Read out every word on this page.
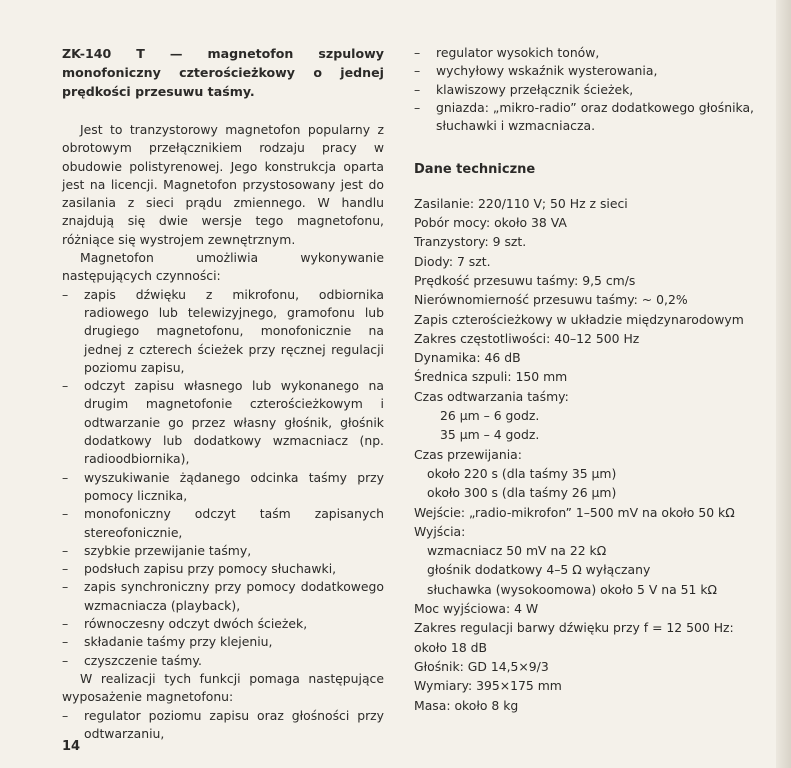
ZK-140 T — magnetofon szpulowy monofoniczny czterościeżkowy o jednej prędkości przesuwu taśmy.

Jest to tranzystorowy magnetofon popularny z obrotowym przełącznikiem rodzaju pracy w obudowie polistyrenowej. Jego konstrukcja oparta jest na licencji. Magnetofon przystosowany jest do zasilania z sieci prądu zmiennego. W handlu znajdują się dwie wersje tego magnetofonu, różniące się wystrojem zewnętrznym.

Magnetofon umożliwia wykonywanie następujących czynności:

– zapis dźwięku z mikrofonu, odbiornika radiowego lub telewizyjnego, gramofonu lub drugiego magnetofonu, monofonicznie na jednej z czterech ścieżek przy ręcznej regulacji poziomu zapisu,
– odczyt zapisu własnego lub wykonanego na drugim magnetofonie czterościeżkowym i odtwarzanie go przez własny głośnik, głośnik dodatkowy lub dodatkowy wzmacniacz (np. radioodbiornika),
– wyszukiwanie żądanego odcinka taśmy przy pomocy licznika,
– monofoniczny odczyt taśm zapisanych stereofonicznie,
– szybkie przewijanie taśmy,
– podsłuch zapisu przy pomocy słuchawki,
– zapis synchroniczny przy pomocy dodatkowego wzmacniacza (playback),
– równoczesny odczyt dwóch ścieżek,
– składanie taśmy przy klejeniu,
– czyszczenie taśmy.

W realizacji tych funkcji pomaga następujące wyposażenie magnetofonu:

– regulator poziomu zapisu oraz głośności przy odtwarzaniu,
– regulator wysokich tonów,
– wychyłowy wskaźnik wysterowania,
– klawiszowy przełącznik ścieżek,
– gniazda: „mikro-radio” oraz dodatkowego głośnika, słuchawki i wzmacniacza.
Dane techniczne
Zasilanie: 220/110 V; 50 Hz z sieci
Pobór mocy: około 38 VA
Tranzystory: 9 szt.
Diody: 7 szt.
Prędkość przesuwu taśmy: 9,5 cm/s
Nierównomierność przesuwu taśmy: ~ 0,2%
Zapis czterościeżkowy w układzie międzynarodowym
Zakres częstotliwości: 40–12 500 Hz
Dynamika: 46 dB
Średnica szpuli: 150 mm
Czas odtwarzania taśmy:
26 μm – 6 godz.
35 μm – 4 godz.
Czas przewijania:
około 220 s (dla taśmy 35 μm)
około 300 s (dla taśmy 26 μm)
Wejście: „radio-mikrofon” 1–500 mV na około 50 kΩ
Wyjścia:
wzmacniacz 50 mV na 22 kΩ
głośnik dodatkowy 4–5 Ω wyłączany
słuchawka (wysokoomowa) około 5 V na 51 kΩ
Moc wyjściowa: 4 W
Zakres regulacji barwy dźwięku przy f = 12 500 Hz:
około 18 dB
Głośnik: GD 14,5×9/3
Wymiary: 395×175 mm
Masa: około 8 kg
14
